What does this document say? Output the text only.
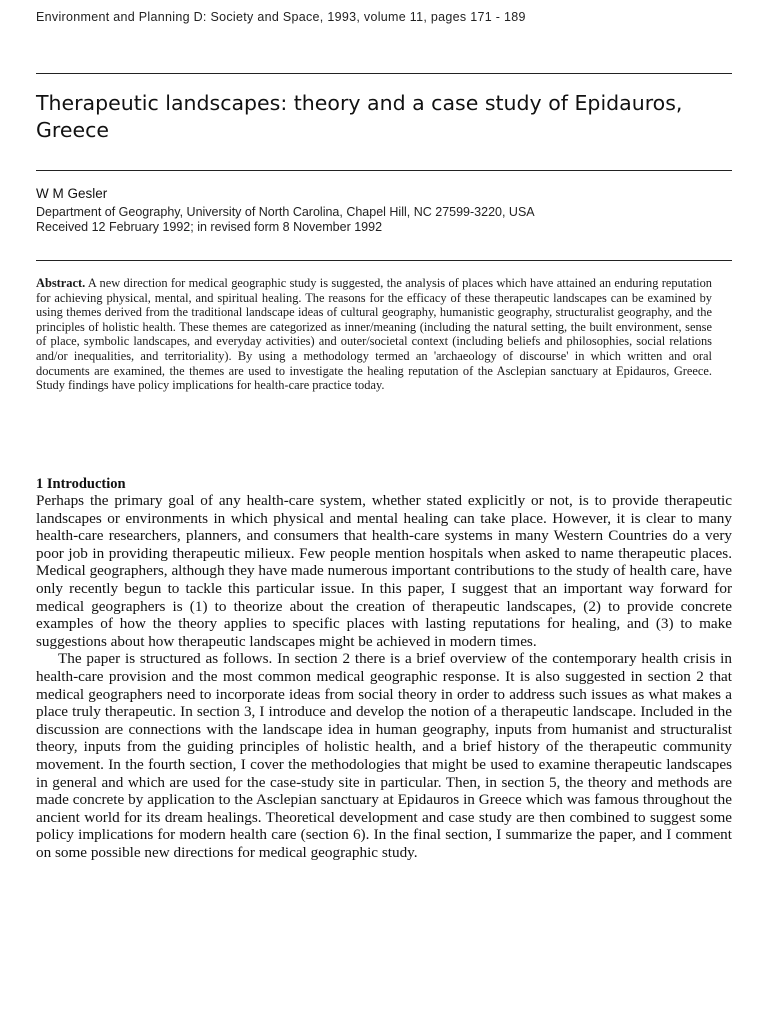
Environment and Planning D: Society and Space, 1993, volume 11, pages 171 - 189
Therapeutic landscapes: theory and a case study of Epidauros, Greece
W M Gesler
Department of Geography, University of North Carolina, Chapel Hill, NC 27599-3220, USA
Received 12 February 1992; in revised form 8 November 1992

Abstract. A new direction for medical geographic study is suggested, the analysis of places which have attained an enduring reputation for achieving physical, mental, and spiritual healing. The reasons for the efficacy of these therapeutic landscapes can be examined by using themes derived from the traditional landscape ideas of cultural geography, humanistic geography, structuralist geography, and the principles of holistic health. These themes are categorized as inner/meaning (including the natural setting, the built environment, sense of place, symbolic landscapes, and everyday activities) and outer/societal context (including beliefs and philosophies, social relations and/or inequalities, and territoriality). By using a methodology termed an 'archaeology of discourse' in which written and oral documents are examined, the themes are used to investigate the healing reputation of the Asclepian sanctuary at Epidauros, Greece. Study findings have policy implications for health-care practice today.

1 Introduction

Perhaps the primary goal of any health-care system, whether stated explicitly or not, is to provide therapeutic landscapes or environments in which physical and mental healing can take place. However, it is clear to many health-care researchers, planners, and consumers that health-care systems in many Western Countries do a very poor job in providing therapeutic milieux. Few people mention hospitals when asked to name therapeutic places. Medical geographers, although they have made numerous important contributions to the study of health care, have only recently begun to tackle this particular issue. In this paper, I suggest that an important way forward for medical geographers is (1) to theorize about the creation of therapeutic landscapes, (2) to provide concrete examples of how the theory applies to specific places with lasting reputations for healing, and (3) to make suggestions about how therapeutic landscapes might be achieved in modern times.

The paper is structured as follows. In section 2 there is a brief overview of the contemporary health crisis in health-care provision and the most common medical geographic response. It is also suggested in section 2 that medical geographers need to incorporate ideas from social theory in order to address such issues as what makes a place truly therapeutic. In section 3, I introduce and develop the notion of a therapeutic landscape. Included in the discussion are connections with the landscape idea in human geography, inputs from humanist and structuralist theory, inputs from the guiding principles of holistic health, and a brief history of the therapeutic community movement. In the fourth section, I cover the methodologies that might be used to examine therapeutic landscapes in general and which are used for the case-study site in particular. Then, in section 5, the theory and methods are made concrete by application to the Asclepian sanctuary at Epidauros in Greece which was famous throughout the ancient world for its dream healings. Theoretical development and case study are then combined to suggest some policy implications for modern health care (section 6). In the final section, I summarize the paper, and I comment on some possible new directions for medical geographic study.
